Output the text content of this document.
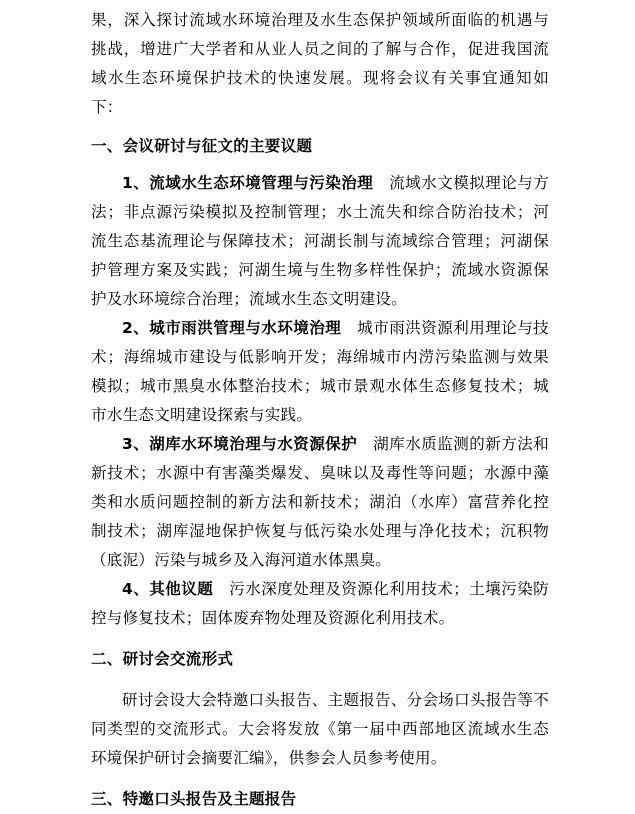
果，深入探讨流域水环境治理及水生态保护领域所面临的机遇与挑战，增进广大学者和从业人员之间的了解与合作，促进我国流域水生态环境保护技术的快速发展。现将会议有关事宜通知如下：

一、会议研讨与征文的主要议题

1、流域水生态环境管理与污染治理　流域水文模拟理论与方法；非点源污染模拟及控制管理；水土流失和综合防治技术；河流生态基流理论与保障技术；河湖长制与流域综合管理；河湖保护管理方案及实践；河湖生境与生物多样性保护；流域水资源保护及水环境综合治理；流域水生态文明建设。

2、城市雨洪管理与水环境治理　城市雨洪资源利用理论与技术；海绵城市建设与低影响开发；海绵城市内涝污染监测与效果模拟；城市黑臭水体整治技术；城市景观水体生态修复技术；城市水生态文明建设探索与实践。

3、湖库水环境治理与水资源保护　湖库水质监测的新方法和新技术；水源中有害藻类爆发、臭味以及毒性等问题；水源中藻类和水质问题控制的新方法和新技术；湖泊（水库）富营养化控制技术；湖库湿地保护恢复与低污染水处理与净化技术；沉积物（底泥）污染与城乡及入海河道水体黑臭。

4、其他议题　污水深度处理及资源化利用技术；土壤污染防控与修复技术；固体废弃物处理及资源化利用技术。

二、研讨会交流形式

研讨会设大会特邀口头报告、主题报告、分会场口头报告等不同类型的交流形式。大会将发放《第一届中西部地区流域水生态环境保护研讨会摘要汇编》，供参会人员参考使用。

三、特邀口头报告及主题报告
